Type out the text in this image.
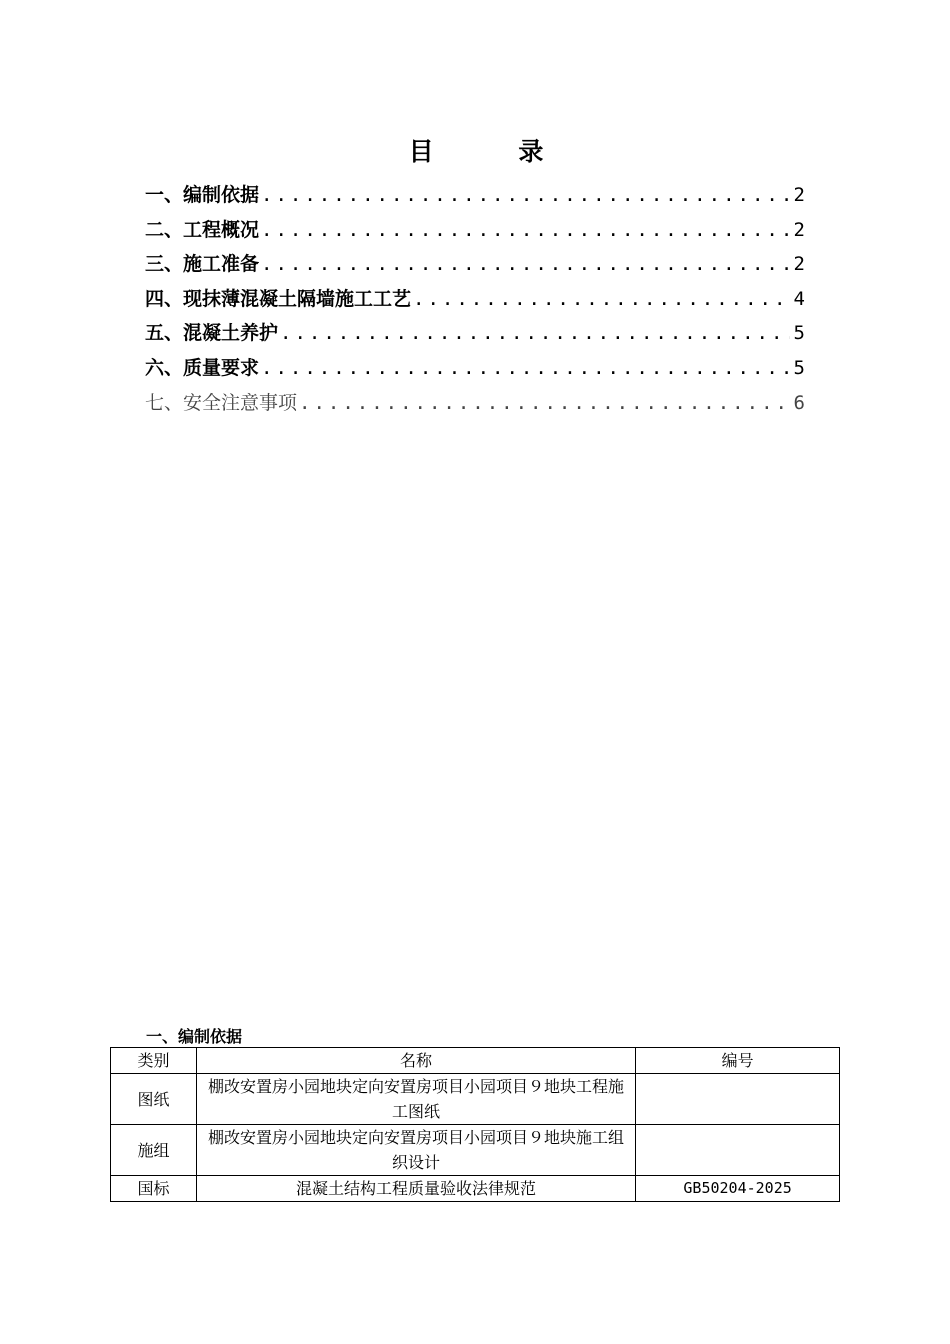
目 录
一、编制依据 .....	2
二、工程概况 .....	2
三、施工准备 .....	2
四、现抹薄混凝土隔墙施工工艺 .....	4
五、混凝土养护 .....	5
六、质量要求 .....	5
七、安全注意事项 .....	6
一、编制依据
类别	名称	编号
图纸	棚改安置房小园地块定向安置房项目小园项目９地块工程施工图纸	
施组	棚改安置房小园地块定向安置房项目小园项目９地块施工组织设计	
国标	混凝土结构工程质量验收法律规范	GB50204-2025
